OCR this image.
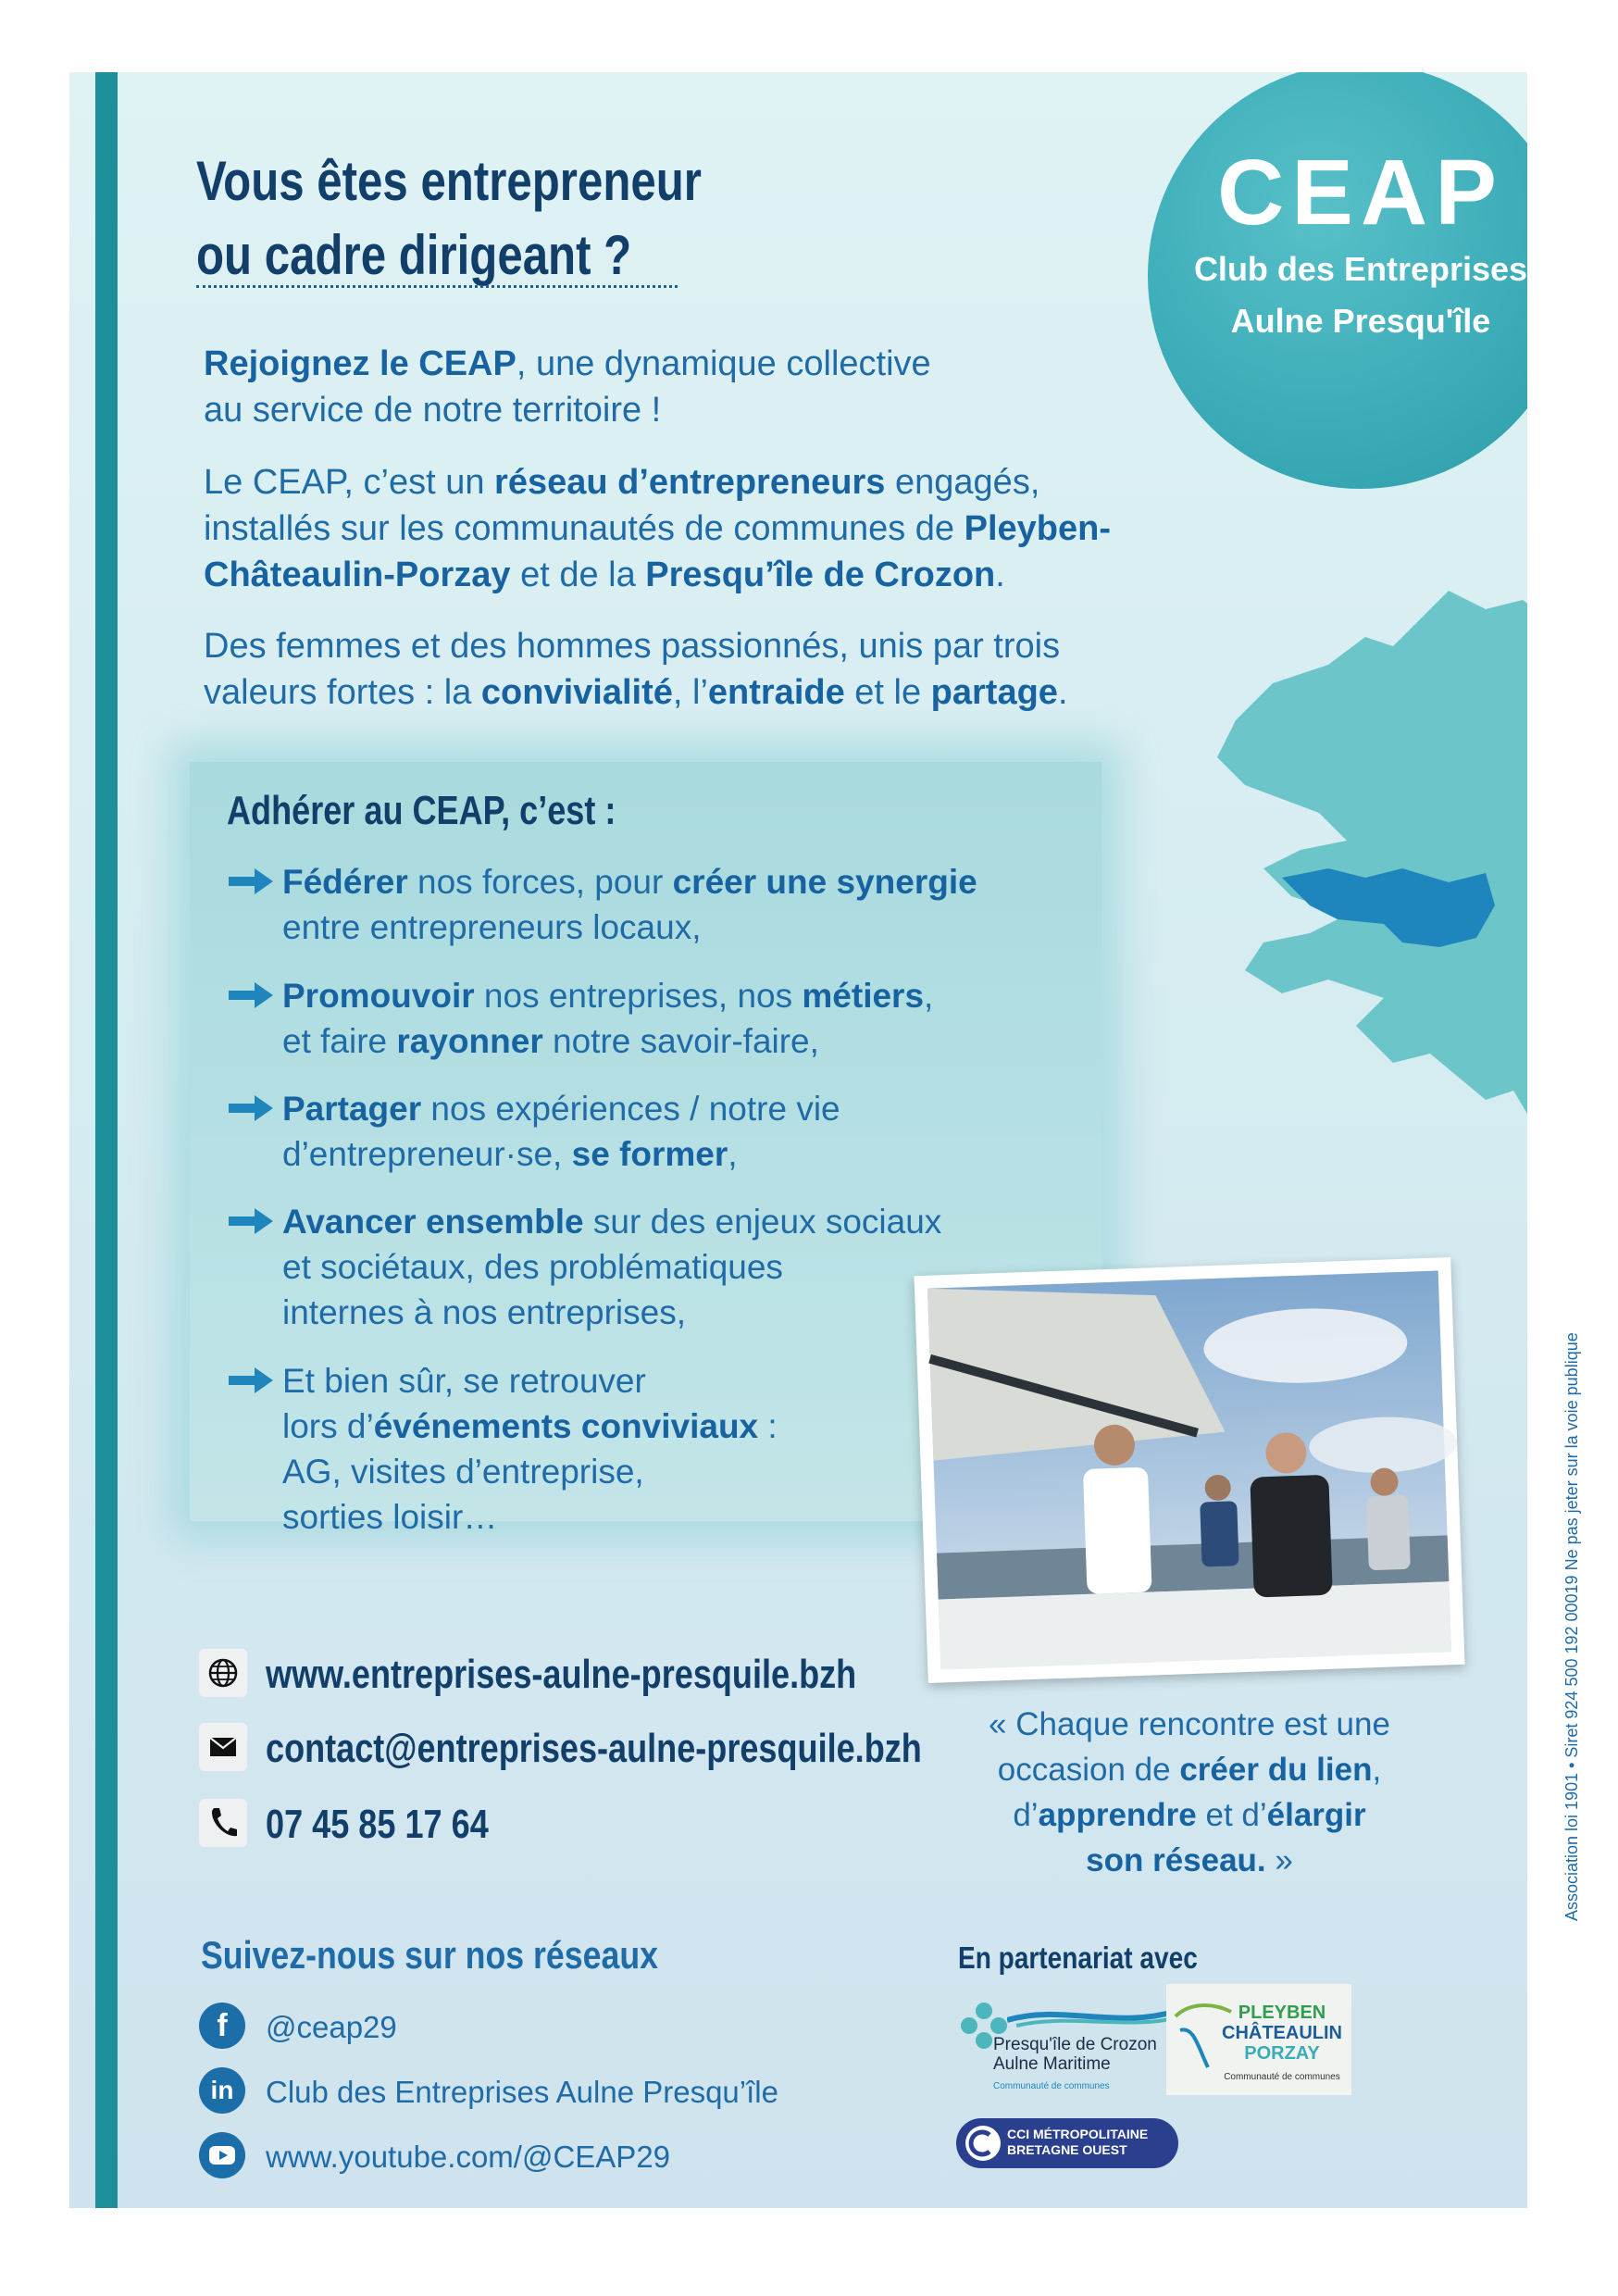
Vous êtes entrepreneur
ou cadre dirigeant ?
CEAP
Club des Entreprises
Aulne Presqu'île

Rejoignez le CEAP, une dynamique collective
au service de notre territoire !

Le CEAP, c’est un réseau d’entrepreneurs engagés,
installés sur les communautés de communes de Pleyben-
Châteaulin-Porzay et de la Presqu’île de Crozon.

Des femmes et des hommes passionnés, unis par trois
valeurs fortes : la convivialité, l’entraide et le partage.

Adhérer au CEAP, c’est :
Fédérer nos forces, pour créer une synergie
entre entrepreneurs locaux,
Promouvoir nos entreprises, nos métiers,
et faire rayonner notre savoir-faire,
Partager nos expériences / notre vie
d’entrepreneur·se, se former,
Avancer ensemble sur des enjeux sociaux
et sociétaux, des problématiques
internes à nos entreprises,
Et bien sûr, se retrouver
lors d’événements conviviaux :
AG, visites d’entreprise,
sorties loisir…

« Chaque rencontre est une
occasion de créer du lien,
d’apprendre et d’élargir
son réseau. »

www.entreprises-aulne-presquile.bzh
contact@entreprises-aulne-presquile.bzh
07 45 85 17 64
Suivez-nous sur nos réseaux
f @ceap29
in Club des Entreprises Aulne Presqu’île
www.youtube.com/@CEAP29
En partenariat avec
Presqu'île de Crozon
Aulne Maritime
Communauté de communes
PLEYBEN
CHÂTEAULIN
PORZAY
Communauté de communes
CCI MÉTROPOLITAINE
BRETAGNE OUEST
Association loi 1901 • Siret 924 500 192 00019 Ne pas jeter sur la voie publique
